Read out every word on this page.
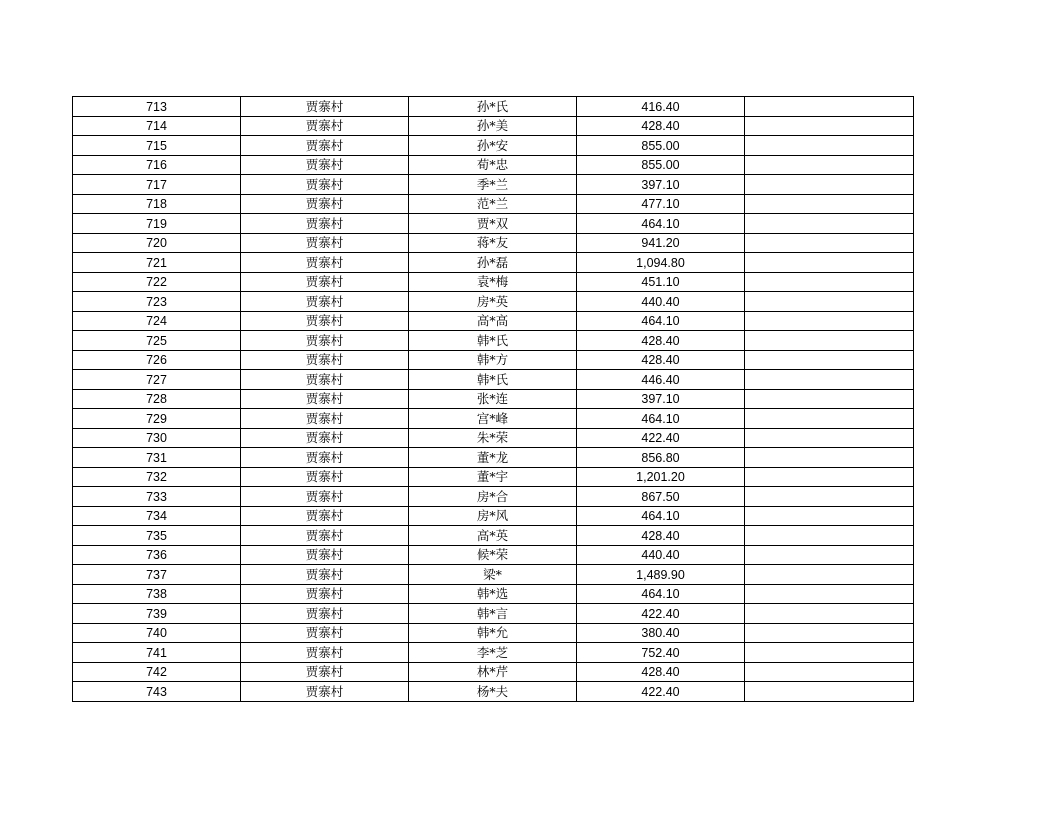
713	贾寨村	孙*氏	416.40	
714	贾寨村	孙*美	428.40	
715	贾寨村	孙*安	855.00	
716	贾寨村	荀*忠	855.00	
717	贾寨村	季*兰	397.10	
718	贾寨村	范*兰	477.10	
719	贾寨村	贾*双	464.10	
720	贾寨村	蒋*友	941.20	
721	贾寨村	孙*磊	1,094.80	
722	贾寨村	袁*梅	451.10	
723	贾寨村	房*英	440.40	
724	贾寨村	高*高	464.10	
725	贾寨村	韩*氏	428.40	
726	贾寨村	韩*方	428.40	
727	贾寨村	韩*氏	446.40	
728	贾寨村	张*连	397.10	
729	贾寨村	宫*峰	464.10	
730	贾寨村	朱*荣	422.40	
731	贾寨村	董*龙	856.80	
732	贾寨村	董*宇	1,201.20	
733	贾寨村	房*合	867.50	
734	贾寨村	房*风	464.10	
735	贾寨村	高*英	428.40	
736	贾寨村	候*荣	440.40	
737	贾寨村	梁*	1,489.90	
738	贾寨村	韩*选	464.10	
739	贾寨村	韩*言	422.40	
740	贾寨村	韩*允	380.40	
741	贾寨村	李*芝	752.40	
742	贾寨村	林*芹	428.40	
743	贾寨村	杨*夫	422.40	
